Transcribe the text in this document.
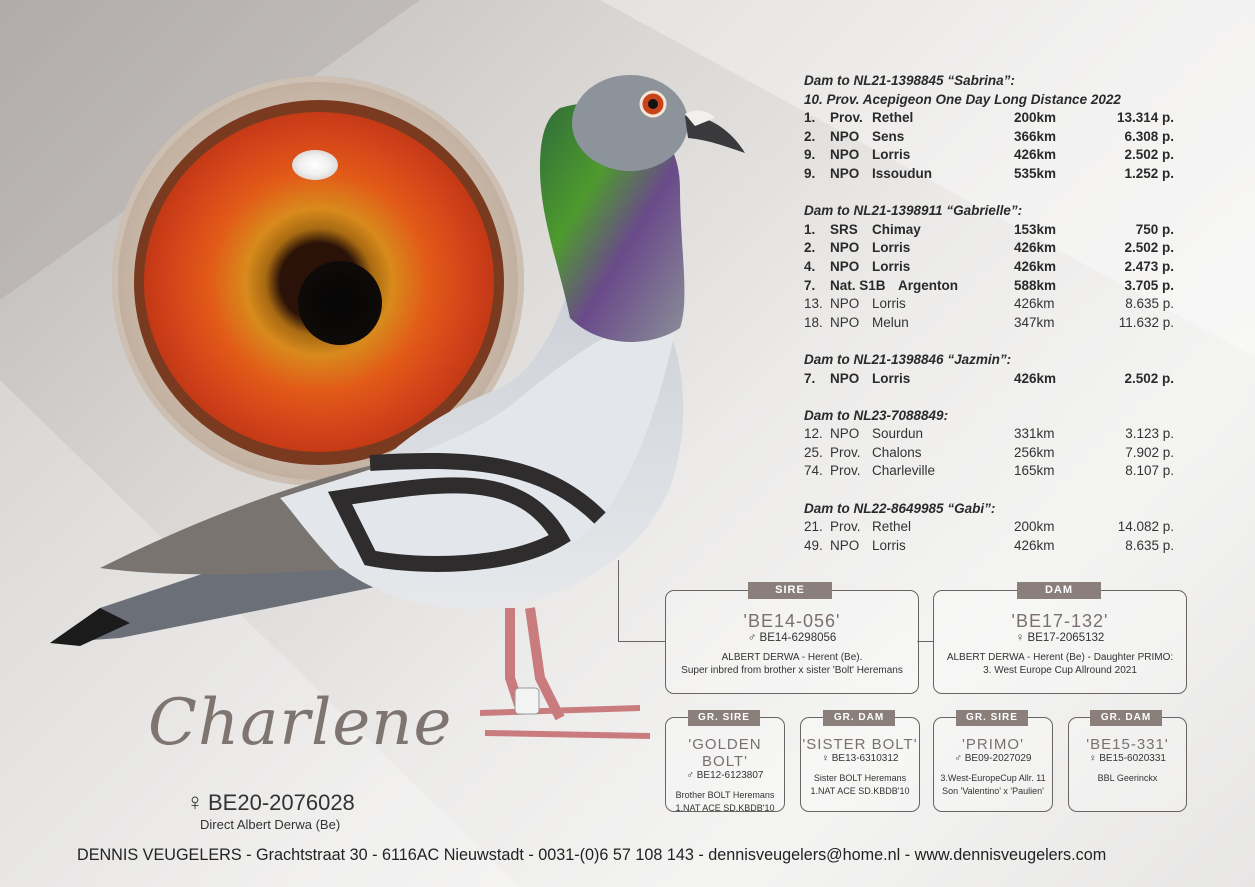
Charlene
♀ BE20-2076028
Direct Albert Derwa (Be)
Dam to NL21-1398845 “Sabrina”:
10. Prov. Acepigeon One Day Long Distance 2022
1.	Prov. Rethel	200km	13.314 p.
2.	NPO Sens	366km	6.308 p.
9.	NPO Lorris	426km	2.502 p.
9.	NPO Issoudun	535km	1.252 p.
Dam to NL21-1398911 “Gabrielle”:
1.	SRS	Chimay	153km	750 p.
2.	NPO Lorris	426km	2.502 p.
4.	NPO Lorris	426km	2.473 p.
7.	Nat. S1B Argenton	588km	3.705 p.
13. NPO Lorris	426km	8.635 p.
18. NPO Melun	347km	11.632 p.
Dam to NL21-1398846 “Jazmin”:
7.	NPO Lorris	426km	2.502 p.
Dam to NL23-7088849:
12. NPO Sourdun	331km	3.123 p.
25. Prov. Chalons	256km	7.902 p.
74. Prov. Charleville	165km	8.107 p.
Dam to NL22-8649985 “Gabi”:
21. Prov. Rethel	200km	14.082 p.
49. NPO Lorris	426km	8.635 p.
'BE14-056'
♂ BE14-6298056
ALBERT DERWA - Herent (Be).
Super inbred from brother x sister 'Bolt' Heremans
SIRE
'BE17-132'
♀ BE17-2065132
ALBERT DERWA - Herent (Be) - Daughter PRIMO:
3. West Europe Cup Allround 2021
DAM
'GOLDEN BOLT'
♂ BE12-6123807
Brother BOLT Heremans
1.NAT ACE SD.KBDB'10
GR. SIRE
'SISTER BOLT'
♀ BE13-6310312
Sister BOLT Heremans
1.NAT ACE SD.KBDB'10
GR. DAM
'PRIMO'
♂ BE09-2027029
3.West-EuropeCup Allr. 11
Son 'Valentino' x 'Paulien'
GR. SIRE
'BE15-331'
♀ BE15-6020331
BBL Geerinckx
GR. DAM
DENNIS VEUGELERS - Grachtstraat 30 - 6116AC Nieuwstadt - 0031-(0)6 57 108 143 - dennisveugelers@home.nl - www.dennisveugelers.com
